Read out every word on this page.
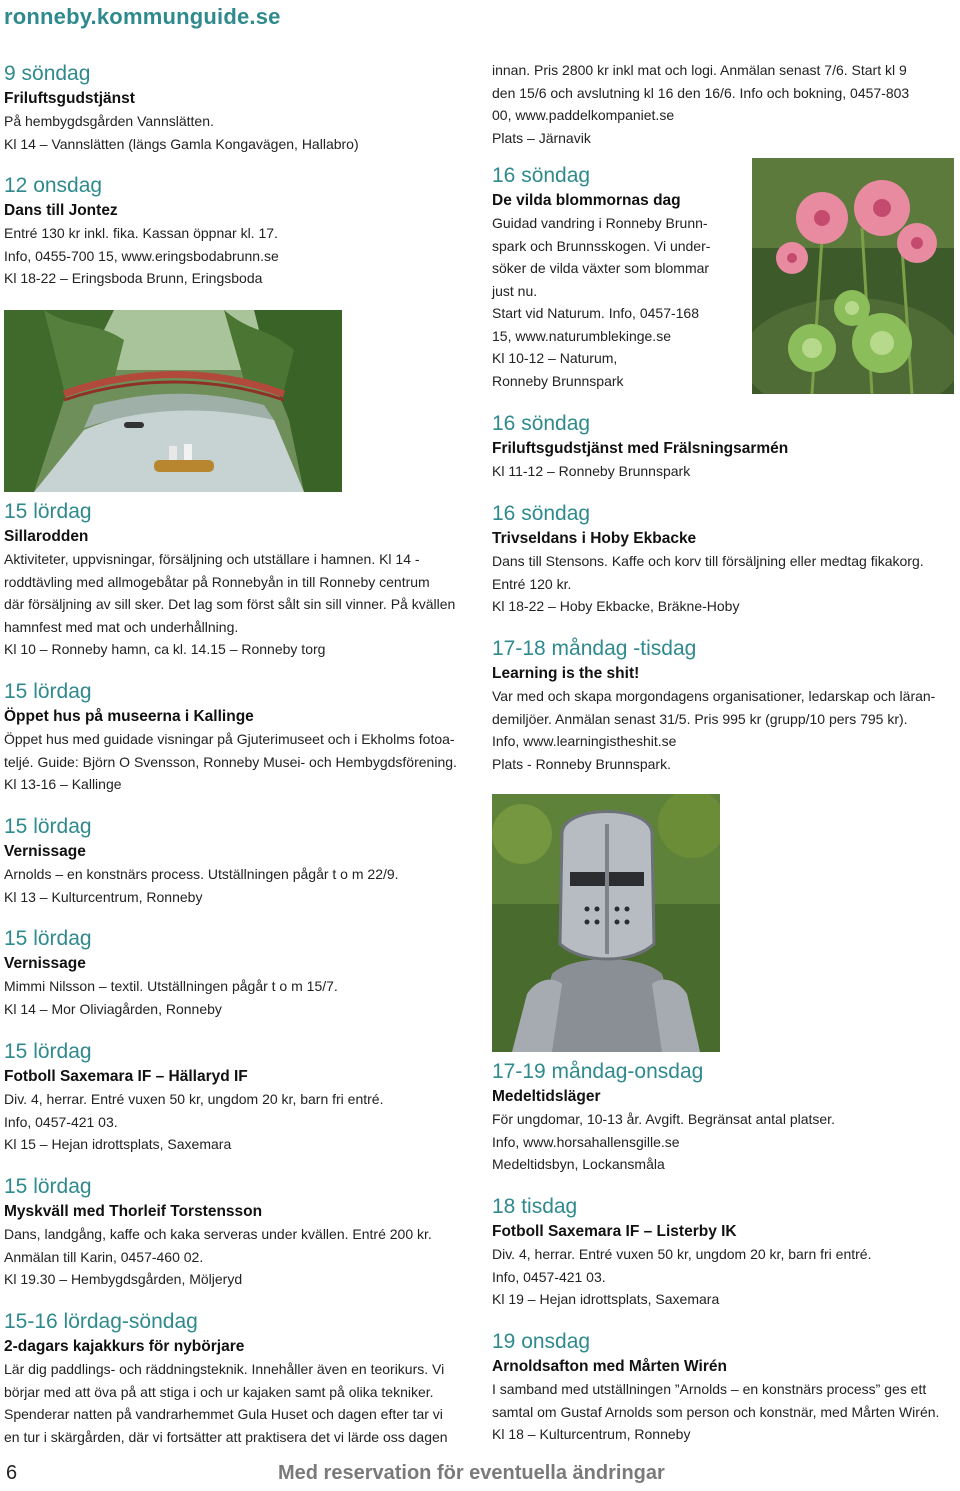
ronneby.kommunguide.se
9 söndag
Friluftsgudstjänst
På hembygdsgården Vannslätten.
Kl 14 – Vannslätten (längs Gamla Kongavägen, Hallabro)
12 onsdag
Dans till Jontez
Entré 130 kr inkl. fika. Kassan öppnar kl. 17.
Info, 0455-700 15, www.eringsbodabrunn.se
Kl 18-22 – Eringsboda Brunn, Eringsboda
15 lördag
Sillarodden
Aktiviteter, uppvisningar, försäljning och utställare i hamnen. Kl 14 -
roddtävling med allmogebåtar på Ronnebyån in till Ronneby centrum
där försäljning av sill sker. Det lag som först sålt sin sill vinner. På kvällen
hamnfest med mat och underhållning.
Kl 10 – Ronneby hamn, ca kl. 14.15 – Ronneby torg
15 lördag
Öppet hus på museerna i Kallinge
Öppet hus med guidade visningar på Gjuterimuseet och i Ekholms fotoa-
teljé. Guide: Björn O Svensson, Ronneby Musei- och Hembygdsförening.
Kl 13-16 – Kallinge
15 lördag
Vernissage
Arnolds – en konstnärs process. Utställningen pågår t o m 22/9.
Kl 13 – Kulturcentrum, Ronneby
15 lördag
Vernissage
Mimmi Nilsson – textil. Utställningen pågår t o m 15/7.
Kl 14 – Mor Oliviagården, Ronneby
15 lördag
Fotboll Saxemara IF – Hällaryd IF
Div. 4, herrar. Entré vuxen 50 kr, ungdom 20 kr, barn fri entré.
Info, 0457-421 03.
Kl 15 – Hejan idrottsplats, Saxemara
15 lördag
Myskväll med Thorleif Torstensson
Dans, landgång, kaffe och kaka serveras under kvällen. Entré 200 kr.
Anmälan till Karin, 0457-460 02.
Kl 19.30 – Hembygdsgården, Möljeryd
15-16 lördag-söndag
2-dagars kajakkurs för nybörjare
Lär dig paddlings- och räddningsteknik. Innehåller även en teorikurs. Vi
börjar med att öva på att stiga i och ur kajaken samt på olika tekniker.
Spenderar natten på vandrarhemmet Gula Huset och dagen efter tar vi
en tur i skärgården, där vi fortsätter att praktisera det vi lärde oss dagen
innan. Pris 2800 kr inkl mat och logi. Anmälan senast 7/6. Start kl 9
den 15/6 och avslutning kl 16 den 16/6. Info och bokning, 0457-803
00, www.paddelkompaniet.se
Plats – Järnavik
16 söndag
De vilda blommornas dag
Guidad vandring i Ronneby Brunn-
spark och Brunnsskogen. Vi under-
söker de vilda växter som blommar
just nu.
Start vid Naturum. Info, 0457-168
15, www.naturumblekinge.se
Kl 10-12 – Naturum,
Ronneby Brunnspark
16 söndag
Friluftsgudstjänst med Frälsningsarmén
Kl 11-12 – Ronneby Brunnspark
16 söndag
Trivseldans i Hoby Ekbacke
Dans till Stensons. Kaffe och korv till försäljning eller medtag fikakorg.
Entré 120 kr.
Kl 18-22 – Hoby Ekbacke, Bräkne-Hoby
17-18 måndag -tisdag
Learning is the shit!
Var med och skapa morgondagens organisationer, ledarskap och läran-
demiljöer. Anmälan senast 31/5. Pris 995 kr (grupp/10 pers 795 kr).
Info, www.learningistheshit.se
Plats - Ronneby Brunnspark.
17-19 måndag-onsdag
Medeltidsläger
För ungdomar, 10-13 år. Avgift. Begränsat antal platser.
Info, www.horsahallensgille.se
Medeltidsbyn, Lockansmåla
18 tisdag
Fotboll Saxemara IF – Listerby IK
Div. 4, herrar. Entré vuxen 50 kr, ungdom 20 kr, barn fri entré.
Info, 0457-421 03.
Kl 19 – Hejan idrottsplats, Saxemara
19 onsdag
Arnoldsafton med Mårten Wirén
I samband med utställningen ”Arnolds – en konstnärs process” ges ett
samtal om Gustaf Arnolds som person och konstnär, med Mårten Wirén.
Kl 18 – Kulturcentrum, Ronneby
6	Med reservation för eventuella ändringar
